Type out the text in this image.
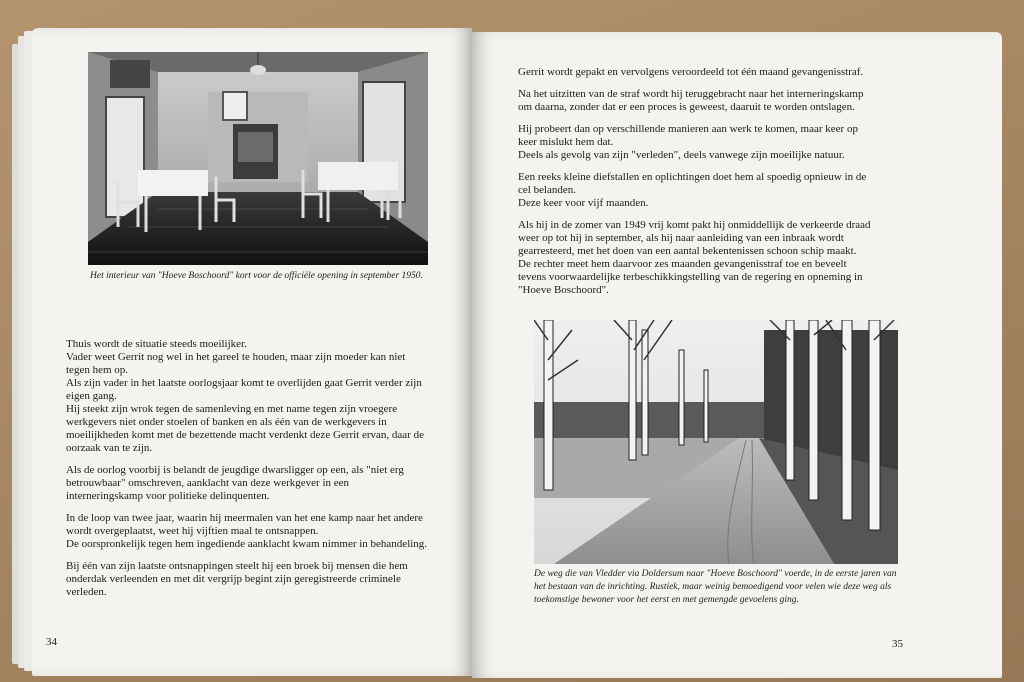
Het interieur van "Hoeve Boschoord" kort voor de officiële opening in september 1950.

Thuis wordt de situatie steeds moeilijker.
Vader weet Gerrit nog wel in het gareel te houden, maar zijn moeder kan niet tegen hem op.
Als zijn vader in het laatste oorlogsjaar komt te overlijden gaat Gerrit verder zijn eigen gang.
Hij steekt zijn wrok tegen de samenleving en met name tegen zijn vroegere werkgevers niet onder stoelen of banken en als één van de werkgevers in moeilijkheden komt met de bezettende macht verdenkt deze Gerrit ervan, daar de oorzaak van te zijn.

Als de oorlog voorbij is belandt de jeugdige dwarsligger op een, als "niet erg betrouwbaar" omschreven, aanklacht van deze werkgever in een interneringskamp voor politieke delinquenten.

In de loop van twee jaar, waarin hij meermalen van het ene kamp naar het andere wordt overgeplaatst, weet hij vijftien maal te ontsnappen.
De oorspronkelijk tegen hem ingediende aanklacht kwam nimmer in behandeling.

Bij één van zijn laatste ontsnappingen steelt hij een broek bij mensen die hem onderdak verleenden en met dit vergrijp begint zijn geregistreerde criminele verleden.

34

Gerrit wordt gepakt en vervolgens veroordeeld tot één maand gevangenisstraf.

Na het uitzitten van de straf wordt hij teruggebracht naar het interneringskamp om daarna, zonder dat er een proces is geweest, daaruit te worden ontslagen.

Hij probeert dan op verschillende manieren aan werk te komen, maar keer op keer mislukt hem dat.
Deels als gevolg van zijn "verleden", deels vanwege zijn moeilijke natuur.

Een reeks kleine diefstallen en oplichtingen doet hem al spoedig opnieuw in de cel belanden.
Deze keer voor vijf maanden.

Als hij in de zomer van 1949 vrij komt pakt hij onmiddellijk de verkeerde draad weer op tot hij in september, als hij naar aanleiding van een inbraak wordt gearresteerd, met het doen van een aantal bekentenissen schoon schip maakt.
De rechter meet hem daarvoor zes maanden gevangenisstraf toe en beveelt tevens voorwaardelijke terbeschikkingstelling van de regering en opneming in "Hoeve Boschoord".

De weg die van Vledder via Doldersum naar "Hoeve Boschoord" voerde, in de eerste jaren van het bestaan van de inrichting. Rustiek, maar weinig bemoedigend voor velen wie deze weg als toekomstige bewoner voor het eerst en met gemengde gevoelens ging.
35
